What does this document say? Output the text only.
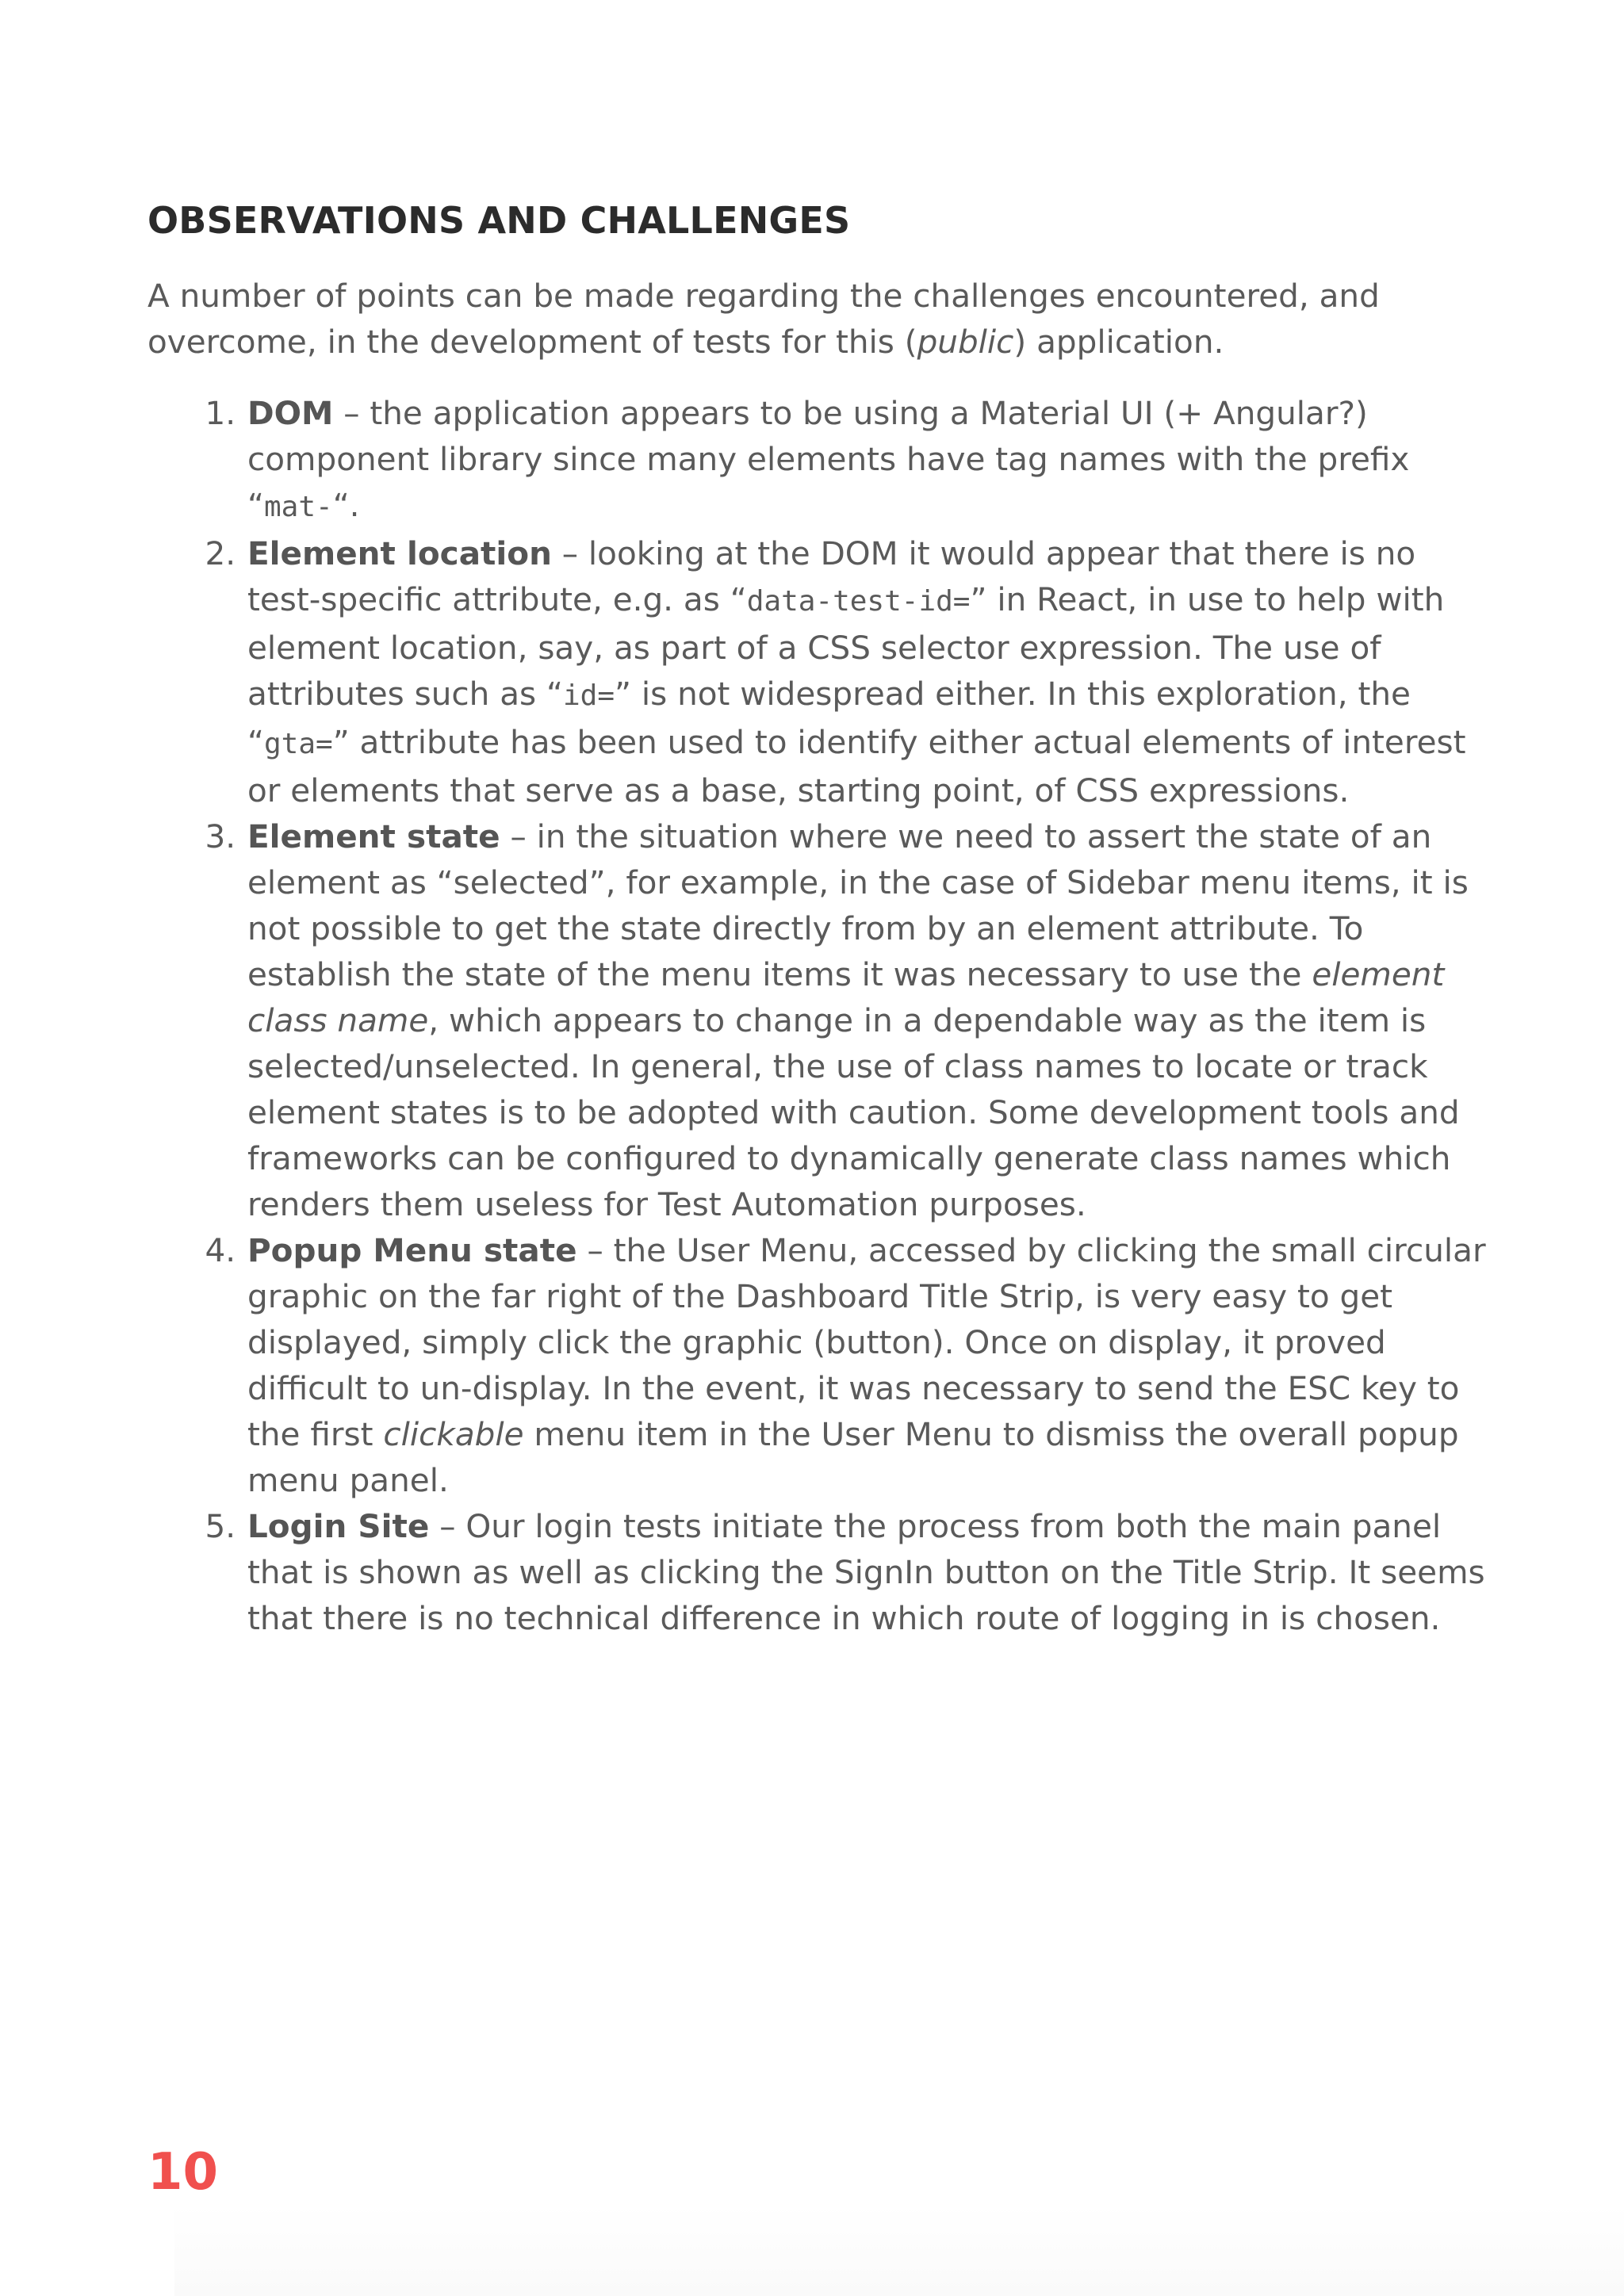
OBSERVATIONS AND CHALLENGES

A number of points can be made regarding the challenges encountered, and overcome, in the development of tests for this (public) application.

1. DOM – the application appears to be using a Material UI (+ Angular?) component library since many elements have tag names with the prefix “mat-“.
2. Element location – looking at the DOM it would appear that there is no test-specific attribute, e.g. as “data-test-id=” in React, in use to help with element location, say, as part of a CSS selector expression. The use of attributes such as “id=” is not widespread either. In this exploration, the “gta=” attribute has been used to identify either actual elements of interest or elements that serve as a base, starting point, of CSS expressions.
3. Element state – in the situation where we need to assert the state of an element as “selected”, for example, in the case of Sidebar menu items, it is not possible to get the state directly from by an element attribute. To establish the state of the menu items it was necessary to use the element class name, which appears to change in a dependable way as the item is selected/unselected. In general, the use of class names to locate or track element states is to be adopted with caution. Some development tools and frameworks can be configured to dynamically generate class names which renders them useless for Test Automation purposes.
4. Popup Menu state – the User Menu, accessed by clicking the small circular graphic on the far right of the Dashboard Title Strip, is very easy to get displayed, simply click the graphic (button). Once on display, it proved difficult to un-display. In the event, it was necessary to send the ESC key to the first clickable menu item in the User Menu to dismiss the overall popup menu panel.
5. Login Site – Our login tests initiate the process from both the main panel that is shown as well as clicking the SignIn button on the Title Strip. It seems that there is no technical difference in which route of logging in is chosen.
10
